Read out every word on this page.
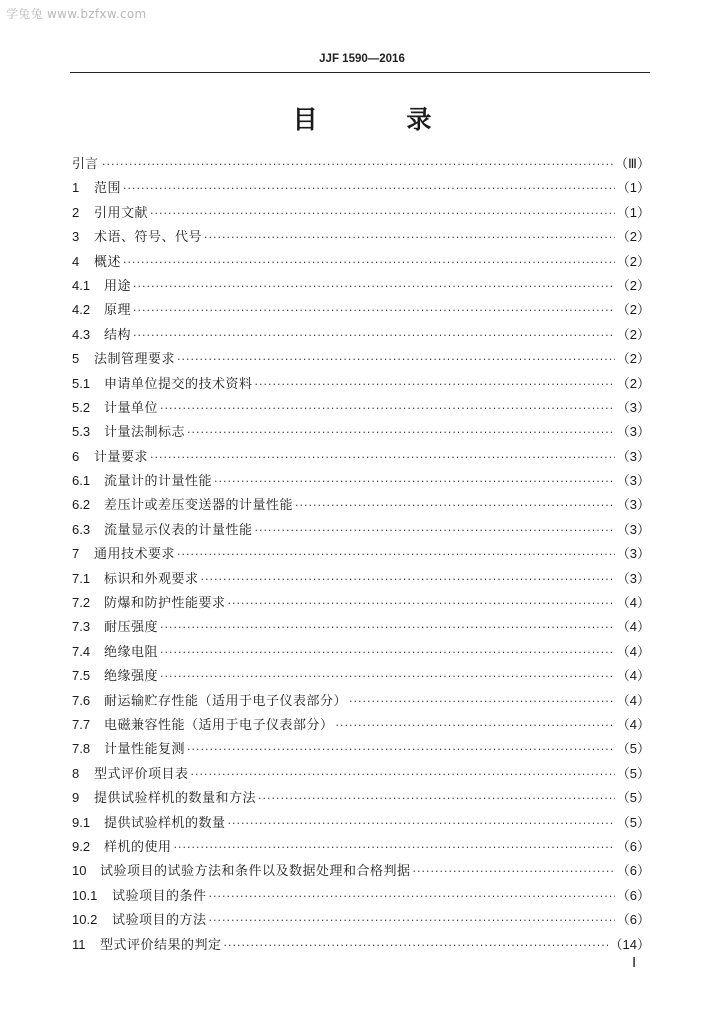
学兔兔 www.bzfxw.com
JJF 1590—2016
目 录
引言 ·····	（Ⅲ）
1	范围 ·····	（1）
2	引用文献 ·····	（1）
3	术语、符号、代号 ·····	（2）
4	概述 ·····	（2）
4.1	用途 ·····	（2）
4.2	原理 ·····	（2）
4.3	结构 ·····	（2）
5	法制管理要求 ·····	（2）
5.1	申请单位提交的技术资料 ·····	（2）
5.2	计量单位 ·····	（3）
5.3	计量法制标志 ·····	（3）
6	计量要求 ·····	（3）
6.1	流量计的计量性能 ·····	（3）
6.2	差压计或差压变送器的计量性能 ·····	（3）
6.3	流量显示仪表的计量性能 ·····	（3）
7	通用技术要求 ·····	（3）
7.1	标识和外观要求 ·····	（3）
7.2	防爆和防护性能要求 ·····	（4）
7.3	耐压强度 ·····	（4）
7.4	绝缘电阻 ·····	（4）
7.5	绝缘强度 ·····	（4）
7.6	耐运输贮存性能（适用于电子仪表部分） ·····	（4）
7.7	电磁兼容性能（适用于电子仪表部分） ·····	（4）
7.8	计量性能复测 ·····	（5）
8	型式评价项目表 ·····	（5）
9	提供试验样机的数量和方法 ·····	（5）
9.1	提供试验样机的数量 ·····	（5）
9.2	样机的使用 ·····	（6）
10	试验项目的试验方法和条件以及数据处理和合格判据 ·····	（6）
10.1	试验项目的条件 ·····	（6）
10.2	试验项目的方法 ·····	（6）
11	型式评价结果的判定 ·····	（14）
Ⅰ
